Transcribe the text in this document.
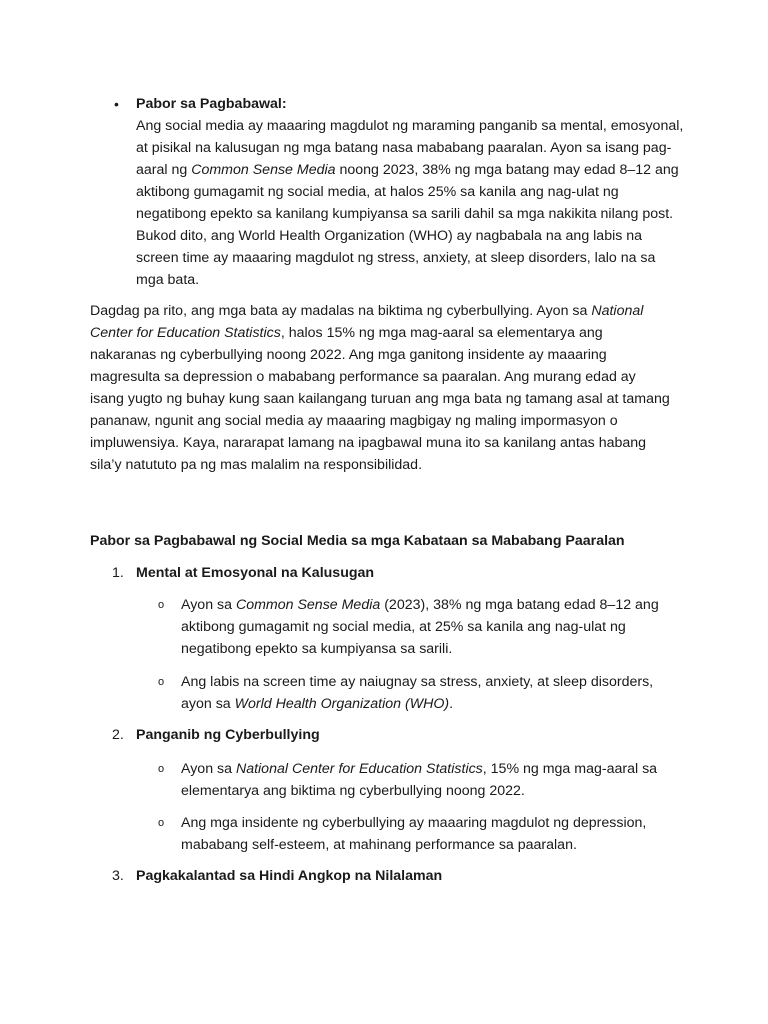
• Pabor sa Pagbabawal:

Ang social media ay maaaring magdulot ng maraming panganib sa mental, emosyonal, at pisikal na kalusugan ng mga batang nasa mababang paaralan. Ayon sa isang pag-aaral ng Common Sense Media noong 2023, 38% ng mga batang may edad 8–12 ang aktibong gumagamit ng social media, at halos 25% sa kanila ang nag-ulat ng negatibong epekto sa kanilang kumpiyansa sa sarili dahil sa mga nakikita nilang post. Bukod dito, ang World Health Organization (WHO) ay nagbabala na ang labis na screen time ay maaaring magdulot ng stress, anxiety, at sleep disorders, lalo na sa mga bata.

Dagdag pa rito, ang mga bata ay madalas na biktima ng cyberbullying. Ayon sa National Center for Education Statistics, halos 15% ng mga mag-aaral sa elementarya ang nakaranas ng cyberbullying noong 2022. Ang mga ganitong insidente ay maaaring magresulta sa depression o mababang performance sa paaralan. Ang murang edad ay isang yugto ng buhay kung saan kailangang turuan ang mga bata ng tamang asal at tamang pananaw, ngunit ang social media ay maaaring magbigay ng maling impormasyon o impluwensiya. Kaya, nararapat lamang na ipagbawal muna ito sa kanilang antas habang sila’y natututo pa ng mas malalim na responsibilidad.

Pabor sa Pagbabawal ng Social Media sa mga Kabataan sa Mababang Paaralan

1. Mental at Emosyonal na Kalusugan
o Ayon sa Common Sense Media (2023), 38% ng mga batang edad 8–12 ang aktibong gumagamit ng social media, at 25% sa kanila ang nag-ulat ng negatibong epekto sa kumpiyansa sa sarili.

o Ang labis na screen time ay naiugnay sa stress, anxiety, at sleep disorders, ayon sa World Health Organization (WHO).

2. Panganib ng Cyberbullying
o Ayon sa National Center for Education Statistics, 15% ng mga mag-aaral sa elementarya ang biktima ng cyberbullying noong 2022.

o Ang mga insidente ng cyberbullying ay maaaring magdulot ng depression, mababang self-esteem, at mahinang performance sa paaralan.

3. Pagkakalantad sa Hindi Angkop na Nilalaman
